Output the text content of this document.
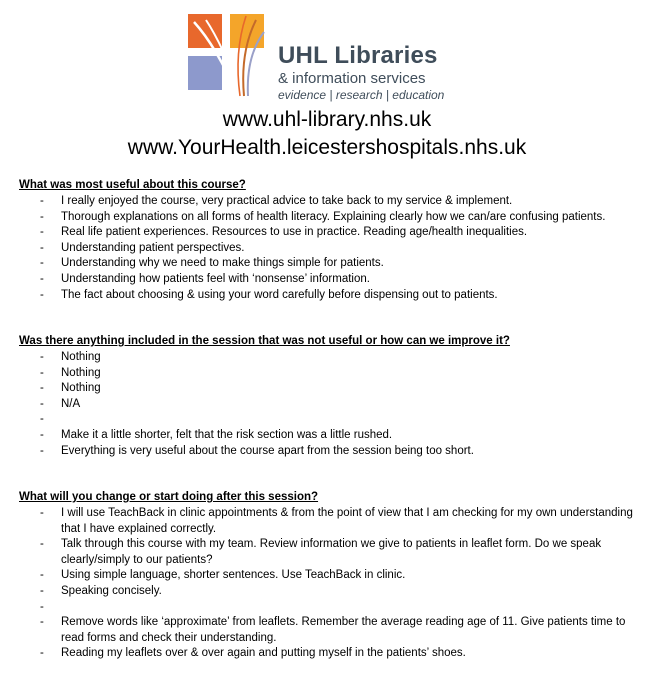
UHL Libraries
& information services
evidence | research | education
www.uhl-library.nhs.uk
www.YourHealth.leicestershospitals.nhs.uk
What was most useful about this course?
- I really enjoyed the course, very practical advice to take back to my service & implement.
- Thorough explanations on all forms of health literacy. Explaining clearly how we can/are confusing patients.
- Real life patient experiences. Resources to use in practice. Reading age/health inequalities.
- Understanding patient perspectives.
- Understanding why we need to make things simple for patients.
- Understanding how patients feel with ‘nonsense’ information.
- The fact about choosing & using your word carefully before dispensing out to patients.
Was there anything included in the session that was not useful or how can we improve it?
- Nothing
- Nothing
- Nothing
- N/A
-

- Make it a little shorter, felt that the risk section was a little rushed.
- Everything is very useful about the course apart from the session being too short.
What will you change or start doing after this session?
- I will use TeachBack in clinic appointments & from the point of view that I am checking for my own understanding that I have explained correctly.
- Talk through this course with my team. Review information we give to patients in leaflet form. Do we speak clearly/simply to our patients?
- Using simple language, shorter sentences. Use TeachBack in clinic.
- Speaking concisely.
-

- Remove words like ‘approximate’ from leaflets. Remember the average reading age of 11. Give patients time to read forms and check their understanding.
- Reading my leaflets over & over again and putting myself in the patients’ shoes.
